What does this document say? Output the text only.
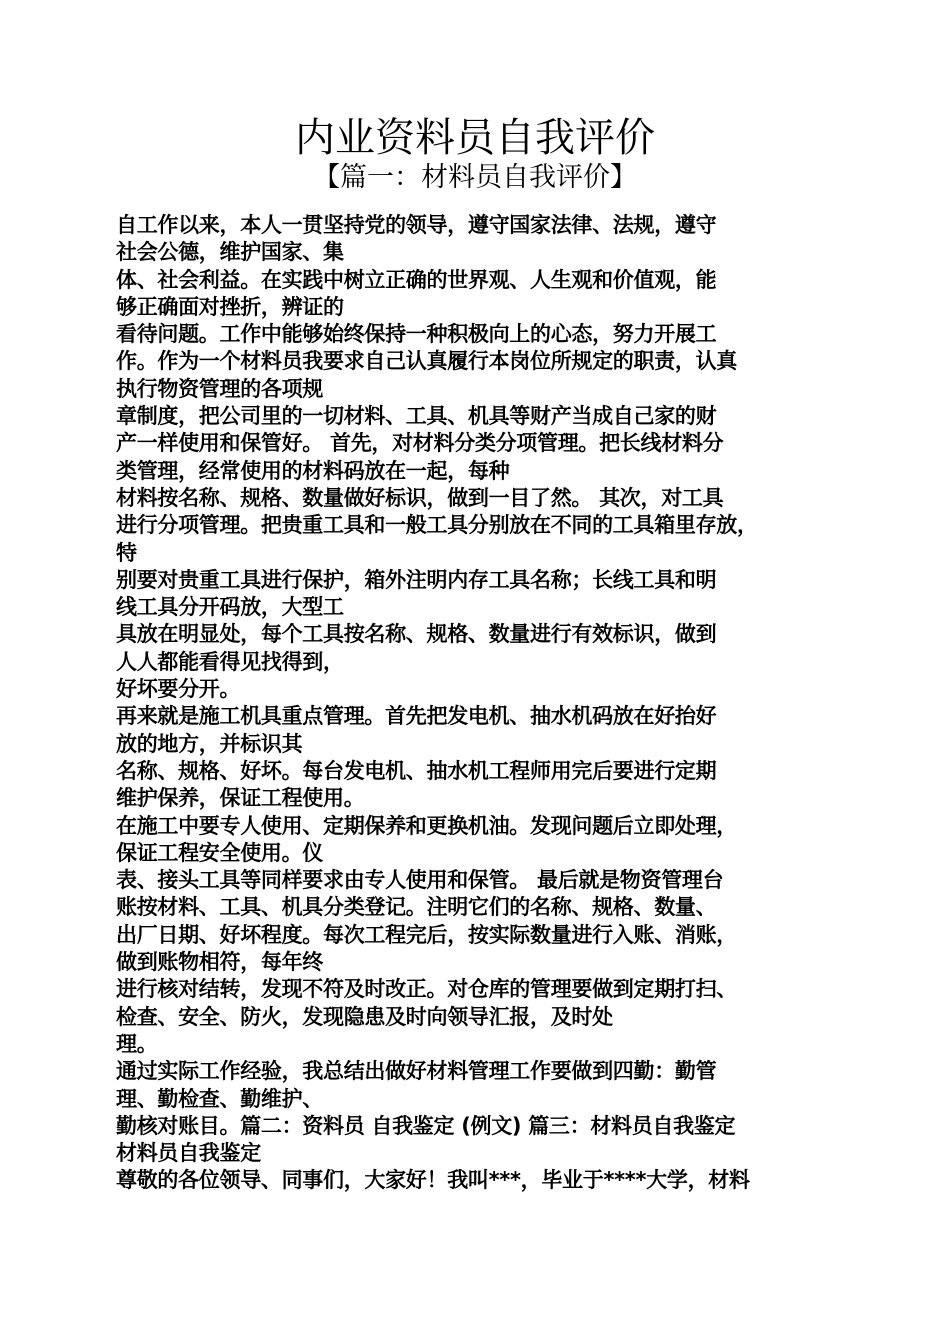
内业资料员自我评价
【篇一：材料员自我评价】
自工作以来，本人一贯坚持党的领导，遵守国家法律、法规，遵守
社会公德，维护国家、集
体、社会利益。在实践中树立正确的世界观、人生观和价值观，能
够正确面对挫折，辨证的
看待问题。工作中能够始终保持一种积极向上的心态，努力开展工
作。作为一个材料员我要求自己认真履行本岗位所规定的职责，认真
执行物资管理的各项规
章制度，把公司里的一切材料、工具、机具等财产当成自己家的财
产一样使用和保管好。 首先，对材料分类分项管理。把长线材料分
类管理，经常使用的材料码放在一起，每种
材料按名称、规格、数量做好标识，做到一目了然。 其次，对工具
进行分项管理。把贵重工具和一般工具分别放在不同的工具箱里存放，
特
别要对贵重工具进行保护，箱外注明内存工具名称；长线工具和明
线工具分开码放，大型工
具放在明显处，每个工具按名称、规格、数量进行有效标识，做到
人人都能看得见找得到，
好坏要分开。
再来就是施工机具重点管理。首先把发电机、抽水机码放在好抬好
放的地方，并标识其
名称、规格、好坏。每台发电机、抽水机工程师用完后要进行定期
维护保养，保证工程使用。
在施工中要专人使用、定期保养和更换机油。发现问题后立即处理，
保证工程安全使用。仪
表、接头工具等同样要求由专人使用和保管。 最后就是物资管理台
账按材料、工具、机具分类登记。注明它们的名称、规格、数量、
出厂日期、好坏程度。每次工程完后，按实际数量进行入账、消账，
做到账物相符，每年终
进行核对结转，发现不符及时改正。对仓库的管理要做到定期打扫、
检查、安全、防火，发现隐患及时向领导汇报，及时处
理。
通过实际工作经验，我总结出做好材料管理工作要做到四勤：勤管
理、勤检查、勤维护、
勤核对账目。篇二：资料员 自我鉴定 (例文) 篇三：材料员自我鉴定
材料员自我鉴定
尊敬的各位领导、同事们，大家好！我叫***，毕业于****大学，材料
